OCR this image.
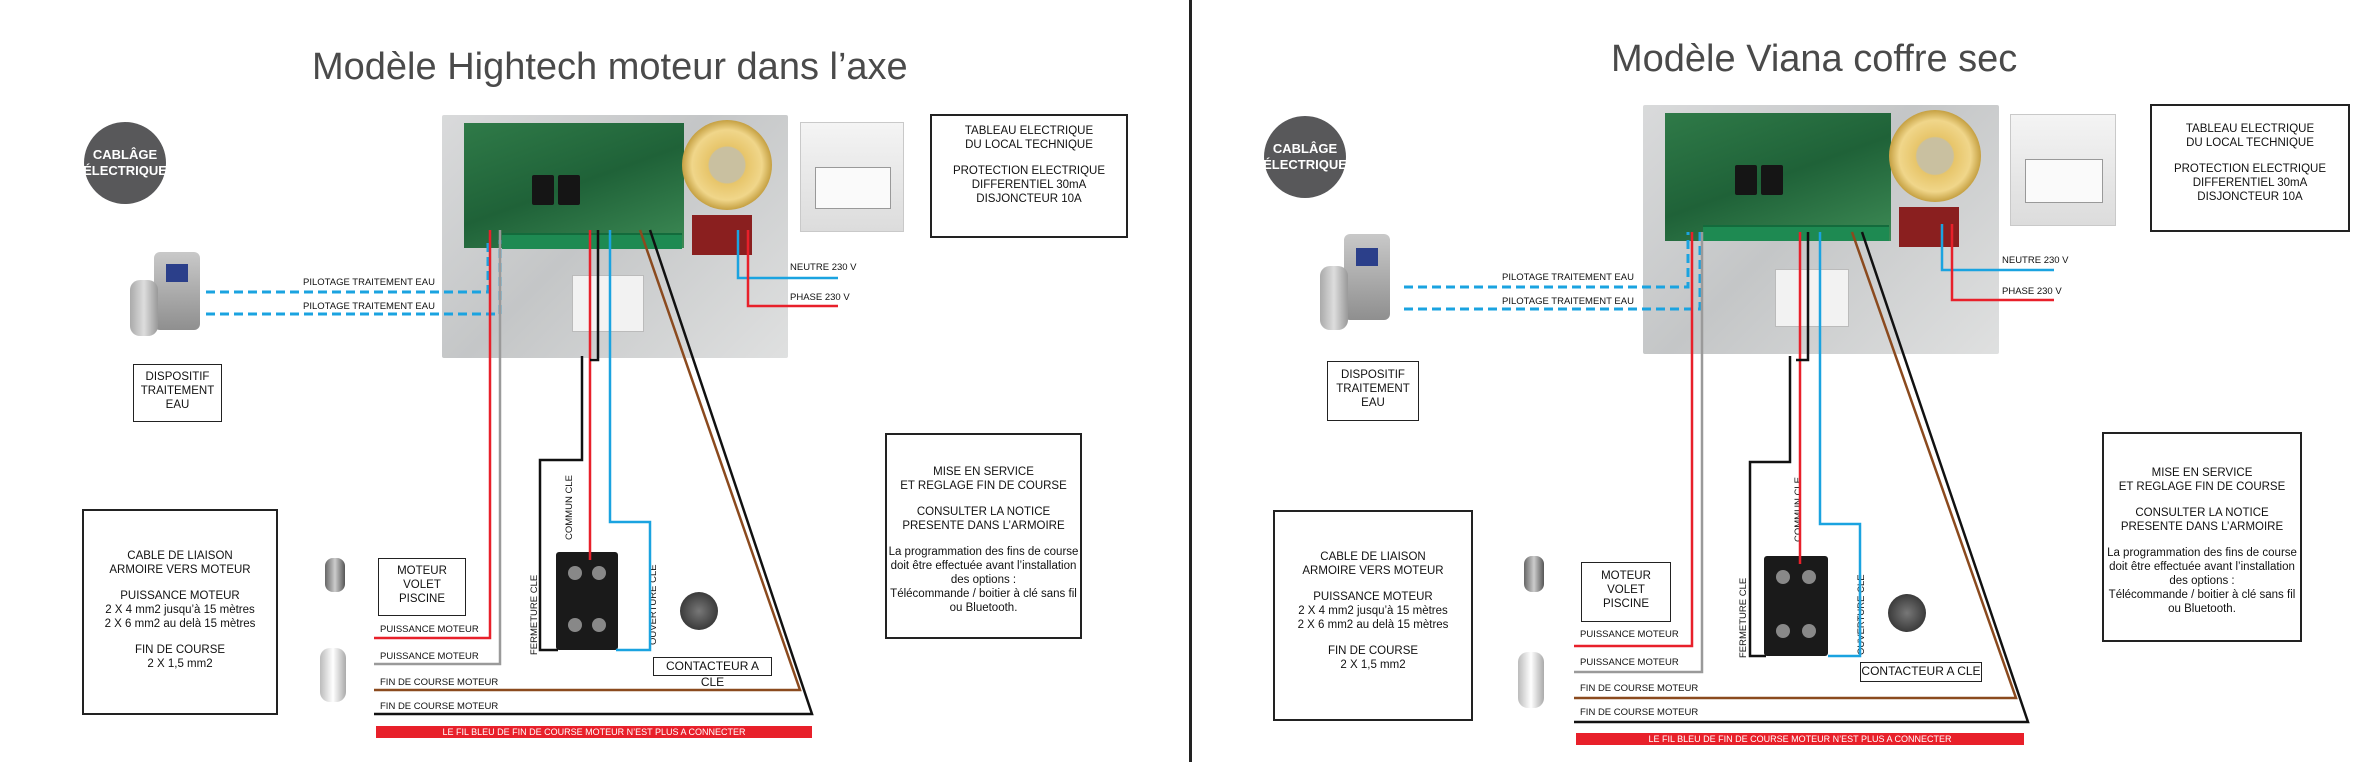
Modèle Hightech moteur dans l’axe
CABLÂGE
ÉLECTRIQUE
TABLEAU ELECTRIQUE
DU LOCAL TECHNIQUE
PROTECTION ELECTRIQUE
DIFFERENTIEL 30mA
DISJONCTEUR 10A
NEUTRE 230 V
PHASE 230 V
PILOTAGE TRAITEMENT EAU
PILOTAGE TRAITEMENT EAU
DISPOSITIF
TRAITEMENT
EAU
CABLE DE LIAISON
ARMOIRE VERS MOTEUR
PUISSANCE MOTEUR
2 X 4 mm2 jusqu’à 15 mètres
2 X 6 mm2 au delà 15 mètres
FIN DE COURSE
2 X 1,5 mm2
MOTEUR
VOLET
PISCINE
PUISSANCE MOTEUR
PUISSANCE MOTEUR
FIN DE COURSE MOTEUR
FIN DE COURSE MOTEUR
COMMUN CLE
FERMETURE CLE	OUVERTURE CLE
CONTACTEUR A CLE
MISE EN SERVICE
ET REGLAGE FIN DE COURSE
CONSULTER LA NOTICE
PRESENTE DANS L’ARMOIRE
La programmation des fins de course
doit être effectuée avant l’installation
des options :
Télécommande / boitier à clé sans fil
ou Bluetooth.
LE FIL BLEU DE FIN DE COURSE MOTEUR N’EST PLUS A CONNECTER
Modèle Viana coffre sec
CABLÂGE
ÉLECTRIQUE
TABLEAU ELECTRIQUE
DU LOCAL TECHNIQUE
PROTECTION ELECTRIQUE
DIFFERENTIEL 30mA
DISJONCTEUR 10A
NEUTRE 230 V
PHASE 230 V
PILOTAGE TRAITEMENT EAU
PILOTAGE TRAITEMENT EAU
DISPOSITIF
TRAITEMENT
EAU
CABLE DE LIAISON
ARMOIRE VERS MOTEUR
PUISSANCE MOTEUR
2 X 4 mm2 jusqu’à 15 mètres
2 X 6 mm2 au delà 15 mètres
FIN DE COURSE
2 X 1,5 mm2
MOTEUR
VOLET
PISCINE
PUISSANCE MOTEUR
PUISSANCE MOTEUR
FIN DE COURSE MOTEUR
FIN DE COURSE MOTEUR
COMMUN CLE
FERMETURE CLE	OUVERTURE CLE
CONTACTEUR A CLE
MISE EN SERVICE
ET REGLAGE FIN DE COURSE
CONSULTER LA NOTICE
PRESENTE DANS L’ARMOIRE
La programmation des fins de course
doit être effectuée avant l’installation
des options :
Télécommande / boitier à clé sans fil
ou Bluetooth.
LE FIL BLEU DE FIN DE COURSE MOTEUR N’EST PLUS A CONNECTER
